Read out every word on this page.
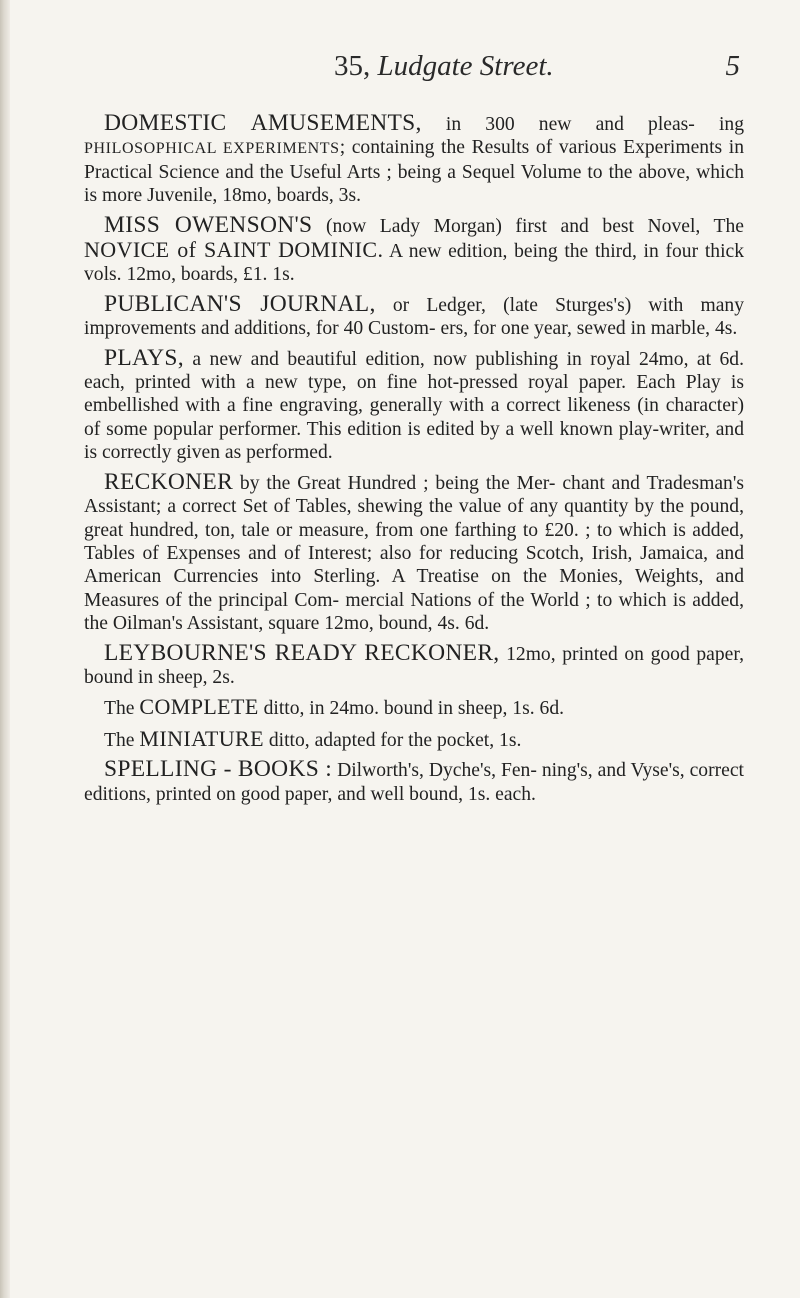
35, Ludgate Street.	5

DOMESTIC AMUSEMENTS, in 300 new and pleas- ing PHILOSOPHICAL EXPERIMENTS; containing the Results of various Experiments in Practical Science and the Useful Arts ; being a Sequel Volume to the above, which is more Juvenile, 18mo, boards, 3s.

MISS OWENSON'S (now Lady Morgan) first and best Novel, The NOVICE of SAINT DOMINIC. A new edition, being the third, in four thick vols. 12mo, boards, £1. 1s.

PUBLICAN'S JOURNAL, or Ledger, (late Sturges's) with many improvements and additions, for 40 Custom- ers, for one year, sewed in marble, 4s.

PLAYS, a new and beautiful edition, now publishing in royal 24mo, at 6d. each, printed with a new type, on fine hot-pressed royal paper. Each Play is embellished with a fine engraving, generally with a correct likeness (in character) of some popular performer. This edition is edited by a well known play-writer, and is correctly given as performed.

RECKONER by the Great Hundred ; being the Mer- chant and Tradesman's Assistant; a correct Set of Tables, shewing the value of any quantity by the pound, great hundred, ton, tale or measure, from one farthing to £20. ; to which is added, Tables of Expenses and of Interest; also for reducing Scotch, Irish, Jamaica, and American Currencies into Sterling. A Treatise on the Monies, Weights, and Measures of the principal Com- mercial Nations of the World ; to which is added, the Oilman's Assistant, square 12mo, bound, 4s. 6d.

LEYBOURNE'S READY RECKONER, 12mo, printed on good paper, bound in sheep, 2s.

The COMPLETE ditto, in 24mo. bound in sheep, 1s. 6d.

The MINIATURE ditto, adapted for the pocket, 1s.

SPELLING - BOOKS : Dilworth's, Dyche's, Fen- ning's, and Vyse's, correct editions, printed on good paper, and well bound, 1s. each.
